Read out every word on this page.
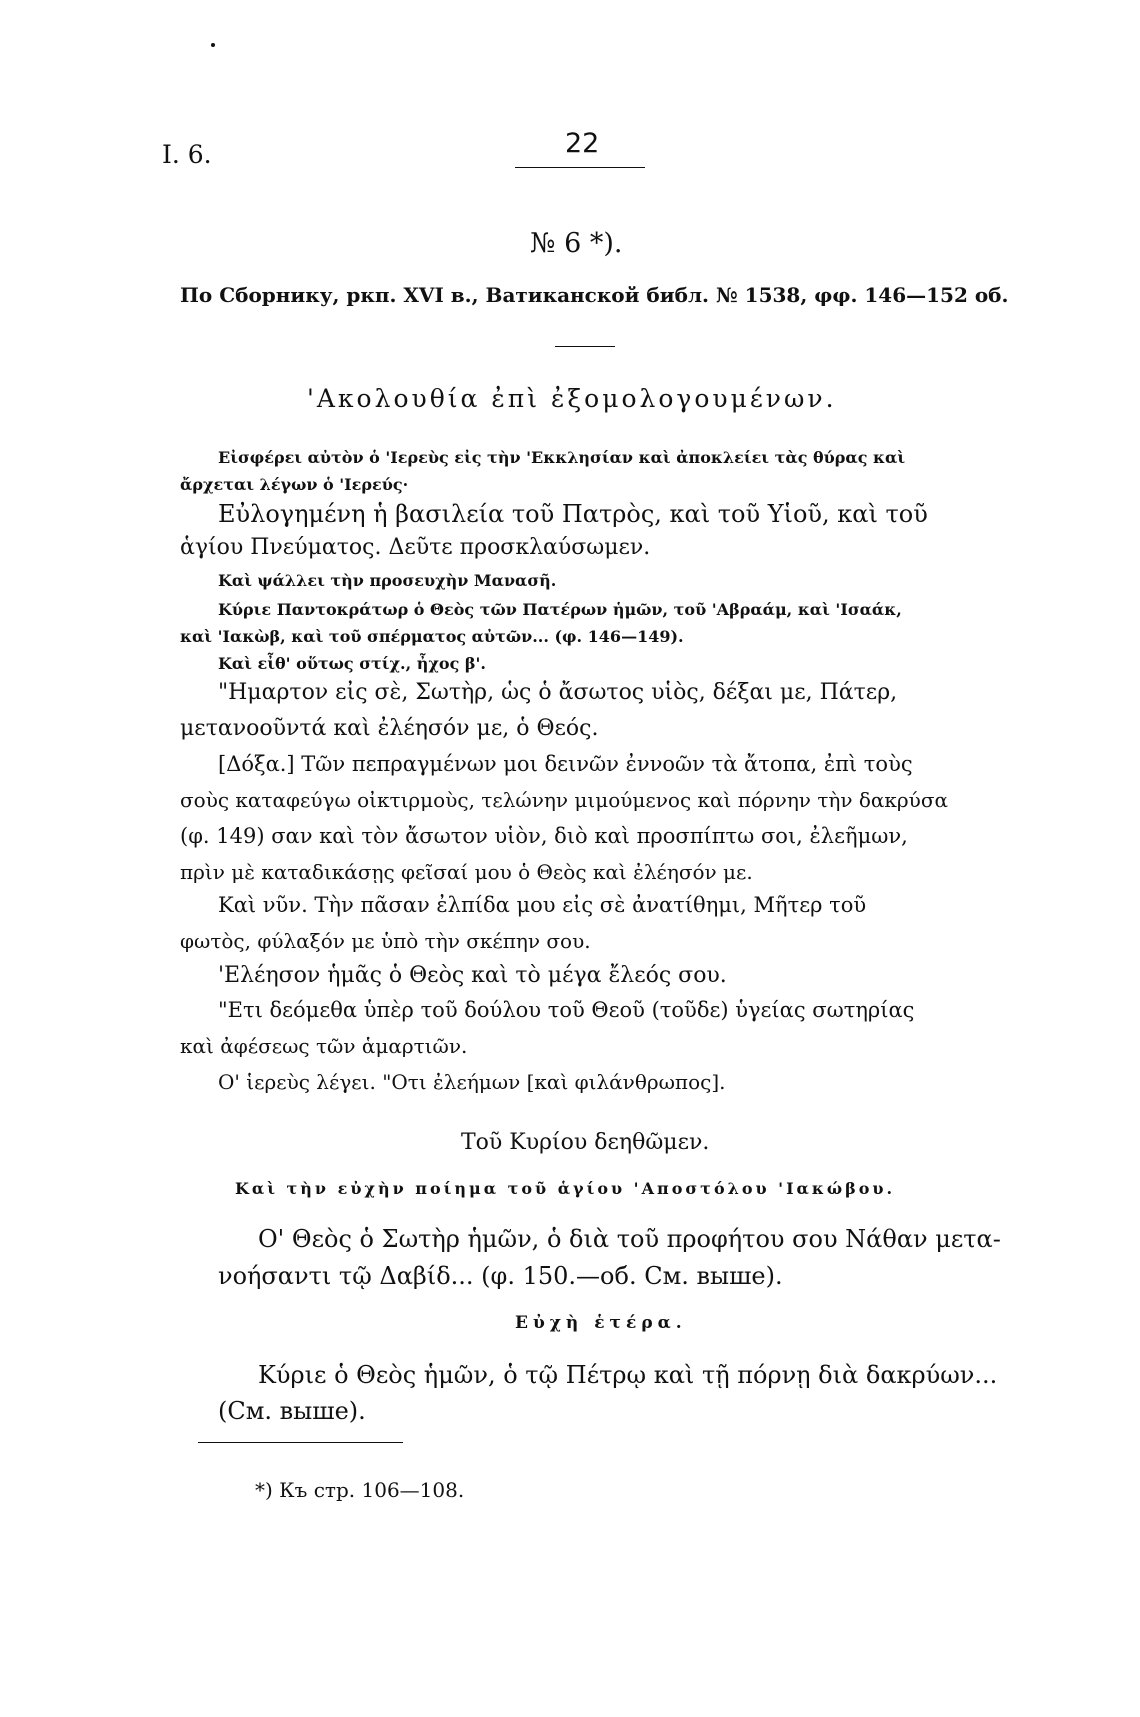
I. 6.	22
№ 6 *).
По Сборнику, ркп. XVI в., Ватиканской библ. № 1538, φφ. 146—152 об.
'Ακολουθία ἐπὶ ἐξομολογουμένων.
Εἰσφέρει αὐτὸν ὁ 'Ιερεὺς εἰς τὴν 'Εκκλησίαν καὶ ἀποκλείει τὰς θύρας καὶ
ἄρχεται λέγων ὁ 'Ιερεύς·
Εὐλογημένη ἡ βασιλεία τοῦ Πατρὸς, καὶ τοῦ Υἱοῦ, καὶ τοῦ
ἁγίου Πνεύματος. Δεῦτε προσκλαύσωμεν.
Καὶ ψάλλει τὴν προσευχὴν Μανασῆ.
Κύριε Παντοκράτωρ ὁ Θεὸς τῶν Πατέρων ἡμῶν, τοῦ 'Αβραάμ, καὶ 'Ισαάκ,
καὶ 'Ιακὼβ, καὶ τοῦ σπέρματος αὐτῶν... (φ. 146—149).
Καὶ εἶθ' οὕτως στίχ., ἦχος β'.
"Ημαρτον εἰς σὲ, Σωτὴρ, ὡς ὁ ἄσωτος υἱὸς, δέξαι με, Πάτερ,
μετανοοῦντά καὶ ἐλέησόν με, ὁ Θεός.
[Δόξα.] Τῶν πεπραγμένων μοι δεινῶν ἐννοῶν τὰ ἄτοπα, ἐπὶ τοὺς
σοὺς καταφεύγω οἰκτιρμοὺς, τελώνην μιμούμενος καὶ πόρνην τὴν δακρύσα
(φ. 149) σαν καὶ τὸν ἄσωτον υἱὸν, διὸ καὶ προσπίπτω σοι, ἐλεῆμων,
πρὶν μὲ καταδικάσῃς φεῖσαί μου ὁ Θεὸς καὶ ἐλέησόν με.
Καὶ νῦν. Τὴν πᾶσαν ἐλπίδα μου εἰς σὲ ἀνατίθημι, Μῆτερ τοῦ
φωτὸς, φύλαξόν με ὑπὸ τὴν σκέπην σου.
'Ελέησον ἡμᾶς ὁ Θεὸς καὶ τὸ μέγα ἔλεός σου.
"Ετι δεόμεθα ὑπὲρ τοῦ δούλου τοῦ Θεοῦ (τοῦδε) ὑγείας σωτηρίας
καὶ ἀφέσεως τῶν ἁμαρτιῶν.
Ο' ἱερεὺς λέγει. "Οτι ἐλεήμων [καὶ φιλάνθρωπος].
Τοῦ Κυρίου δεηθῶμεν.
Καὶ τὴν εὐχὴν ποίημα τοῦ ἁγίου 'Αποστόλου 'Ιακώβου.
Ο' Θεὸς ὁ Σωτὴρ ἡμῶν, ὁ διὰ τοῦ προφήτου σου Νάθαν μετα-
νοήσαντι τῷ Δαβίδ... (φ. 150.—об. См. выше).
Εὐχὴ ἑτέρα.
Κύριε ὁ Θεὸς ἡμῶν, ὁ τῷ Πέτρῳ καὶ τῇ πόρνῃ διὰ δακρύων...
(См. выше).
*) Къ стр. 106—108.
